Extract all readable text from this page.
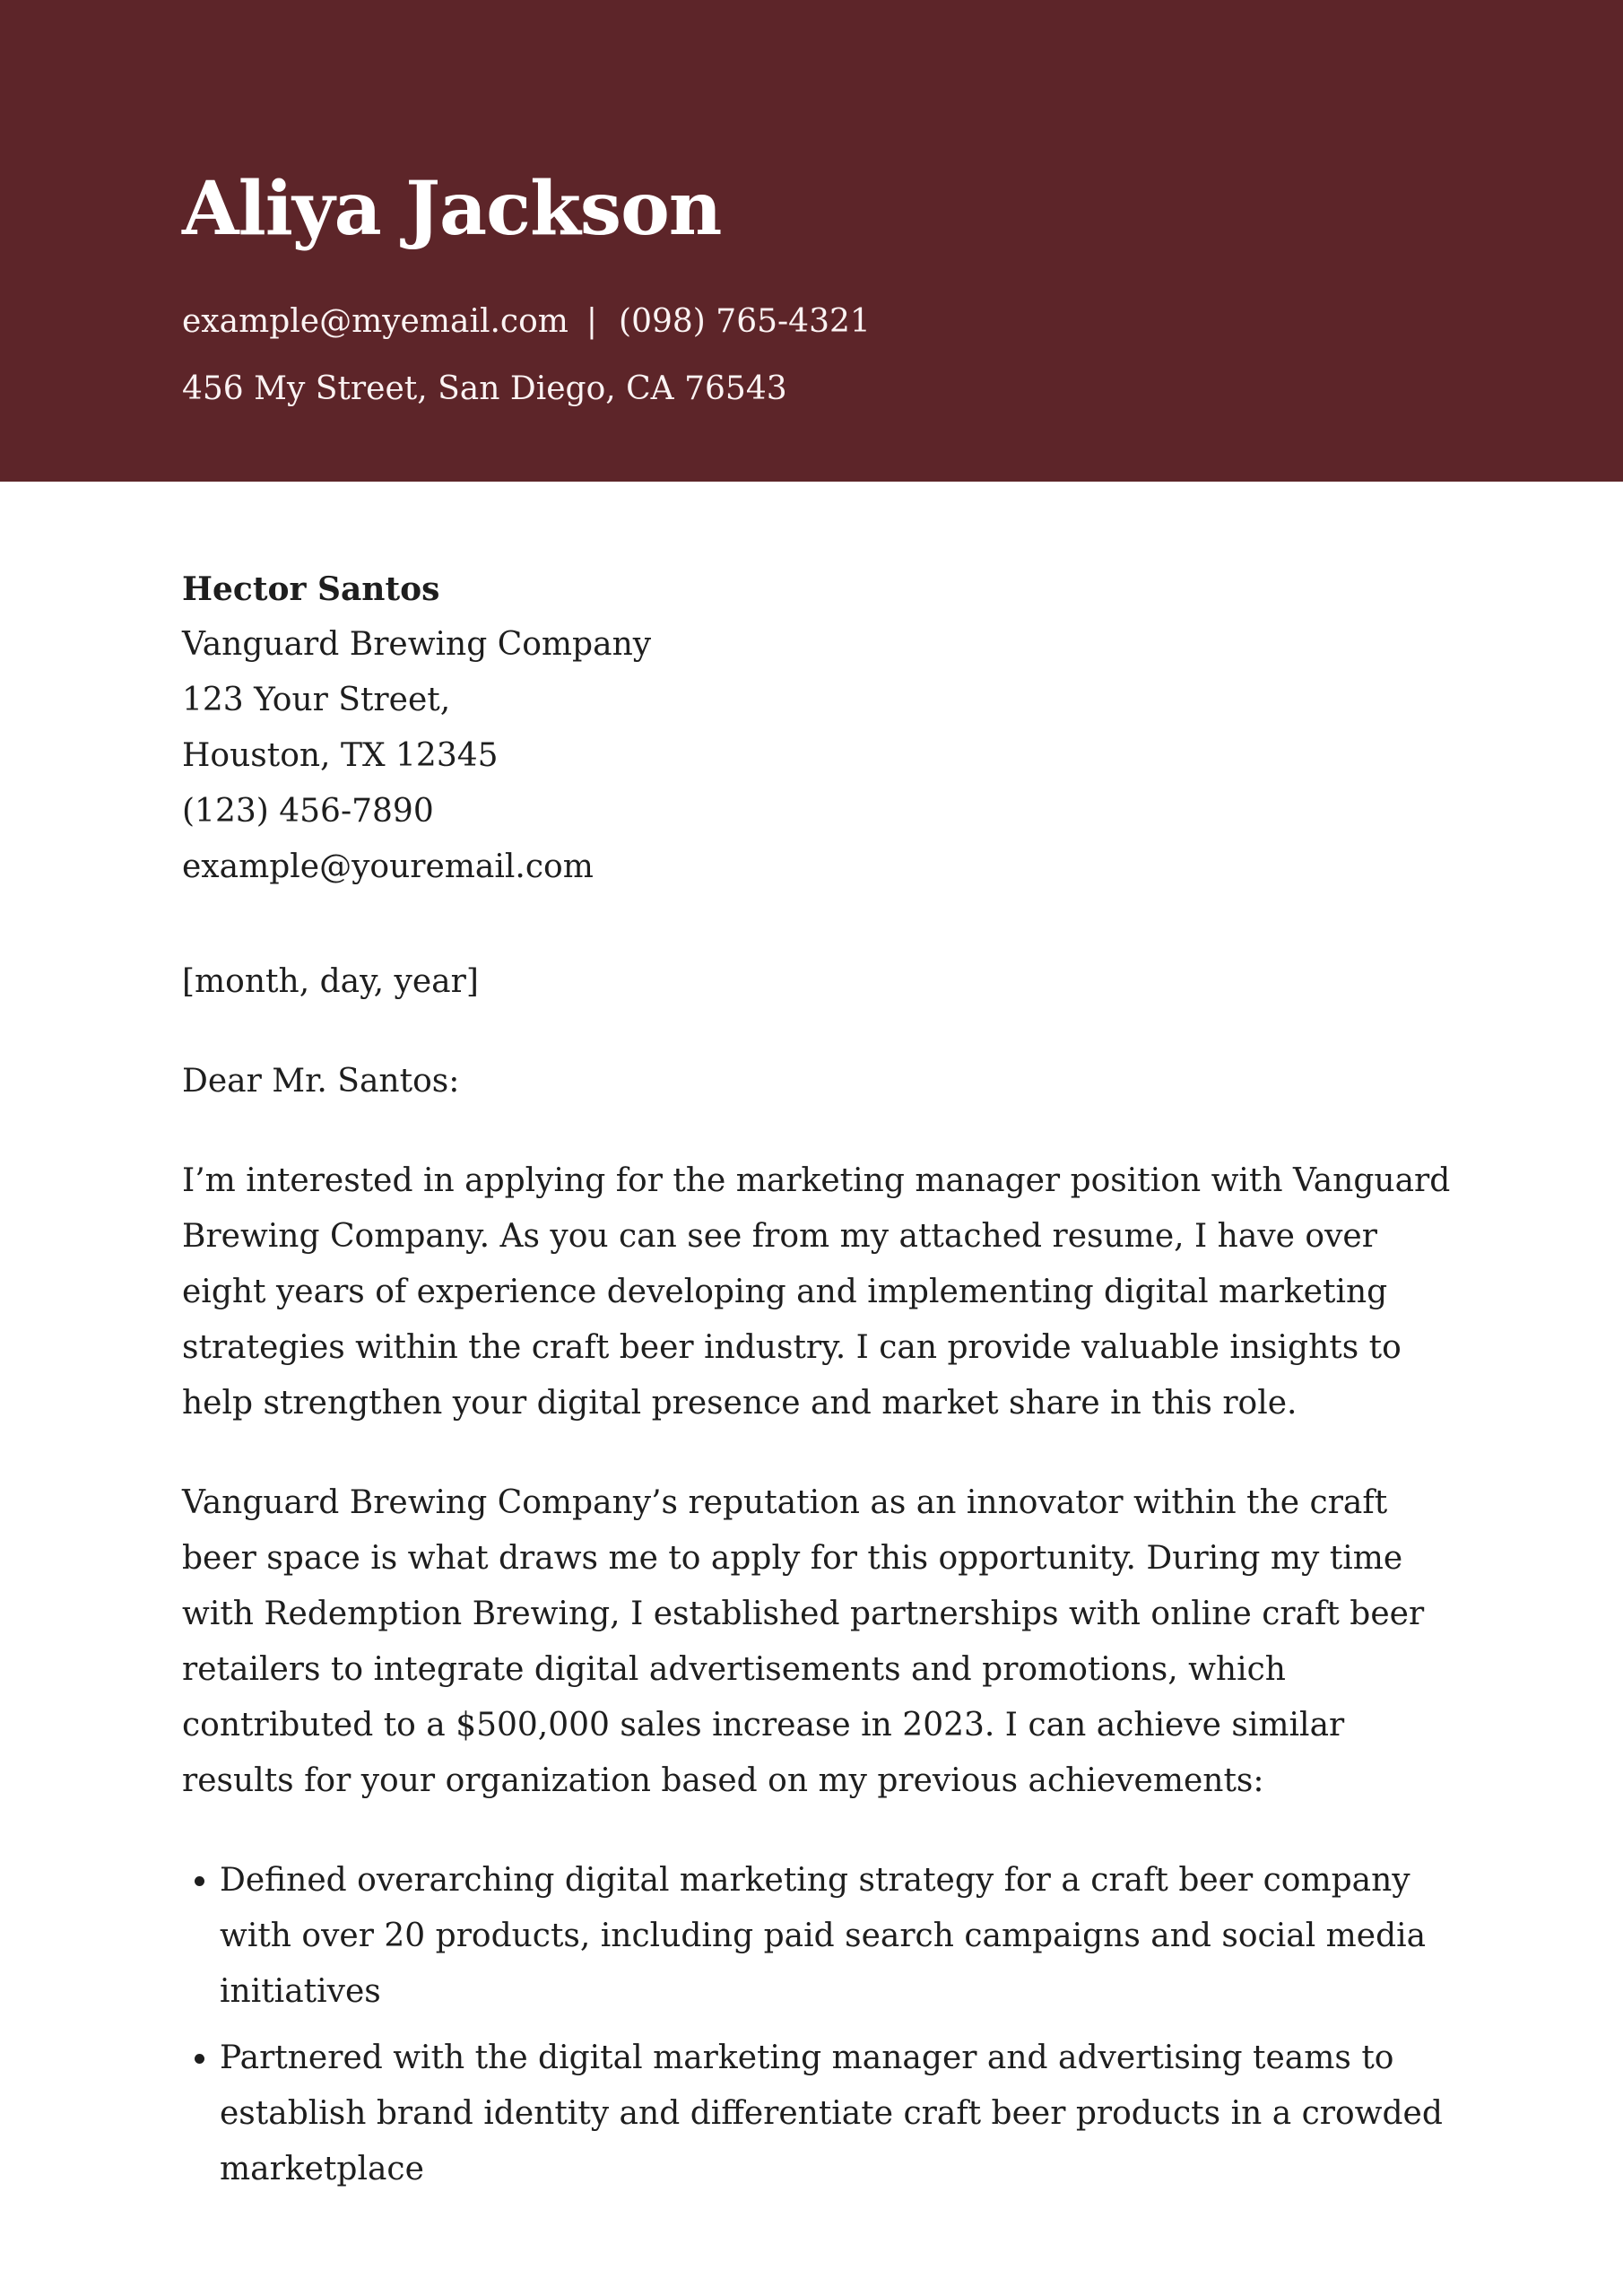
Aliya Jackson
example@myemail.com | (098) 765-4321
456 My Street, San Diego, CA 76543

Hector Santos

Vanguard Brewing Company

123 Your Street,

Houston, TX 12345

(123) 456-7890

example@youremail.com

[month, day, year]

Dear Mr. Santos:

I’m interested in applying for the marketing manager position with Vanguard Brewing Company. As you can see from my attached resume, I have over eight years of experience developing and implementing digital marketing strategies within the craft beer industry. I can provide valuable insights to help strengthen your digital presence and market share in this role.

Vanguard Brewing Company’s reputation as an innovator within the craft beer space is what draws me to apply for this opportunity. During my time with Redemption Brewing, I established partnerships with online craft beer retailers to integrate digital advertisements and promotions, which contributed to a $500,000 sales increase in 2023. I can achieve similar results for your organization based on my previous achievements:

• Defined overarching digital marketing strategy for a craft beer company with over 20 products, including paid search campaigns and social media initiatives
• Partnered with the digital marketing manager and advertising teams to establish brand identity and differentiate craft beer products in a crowded marketplace
